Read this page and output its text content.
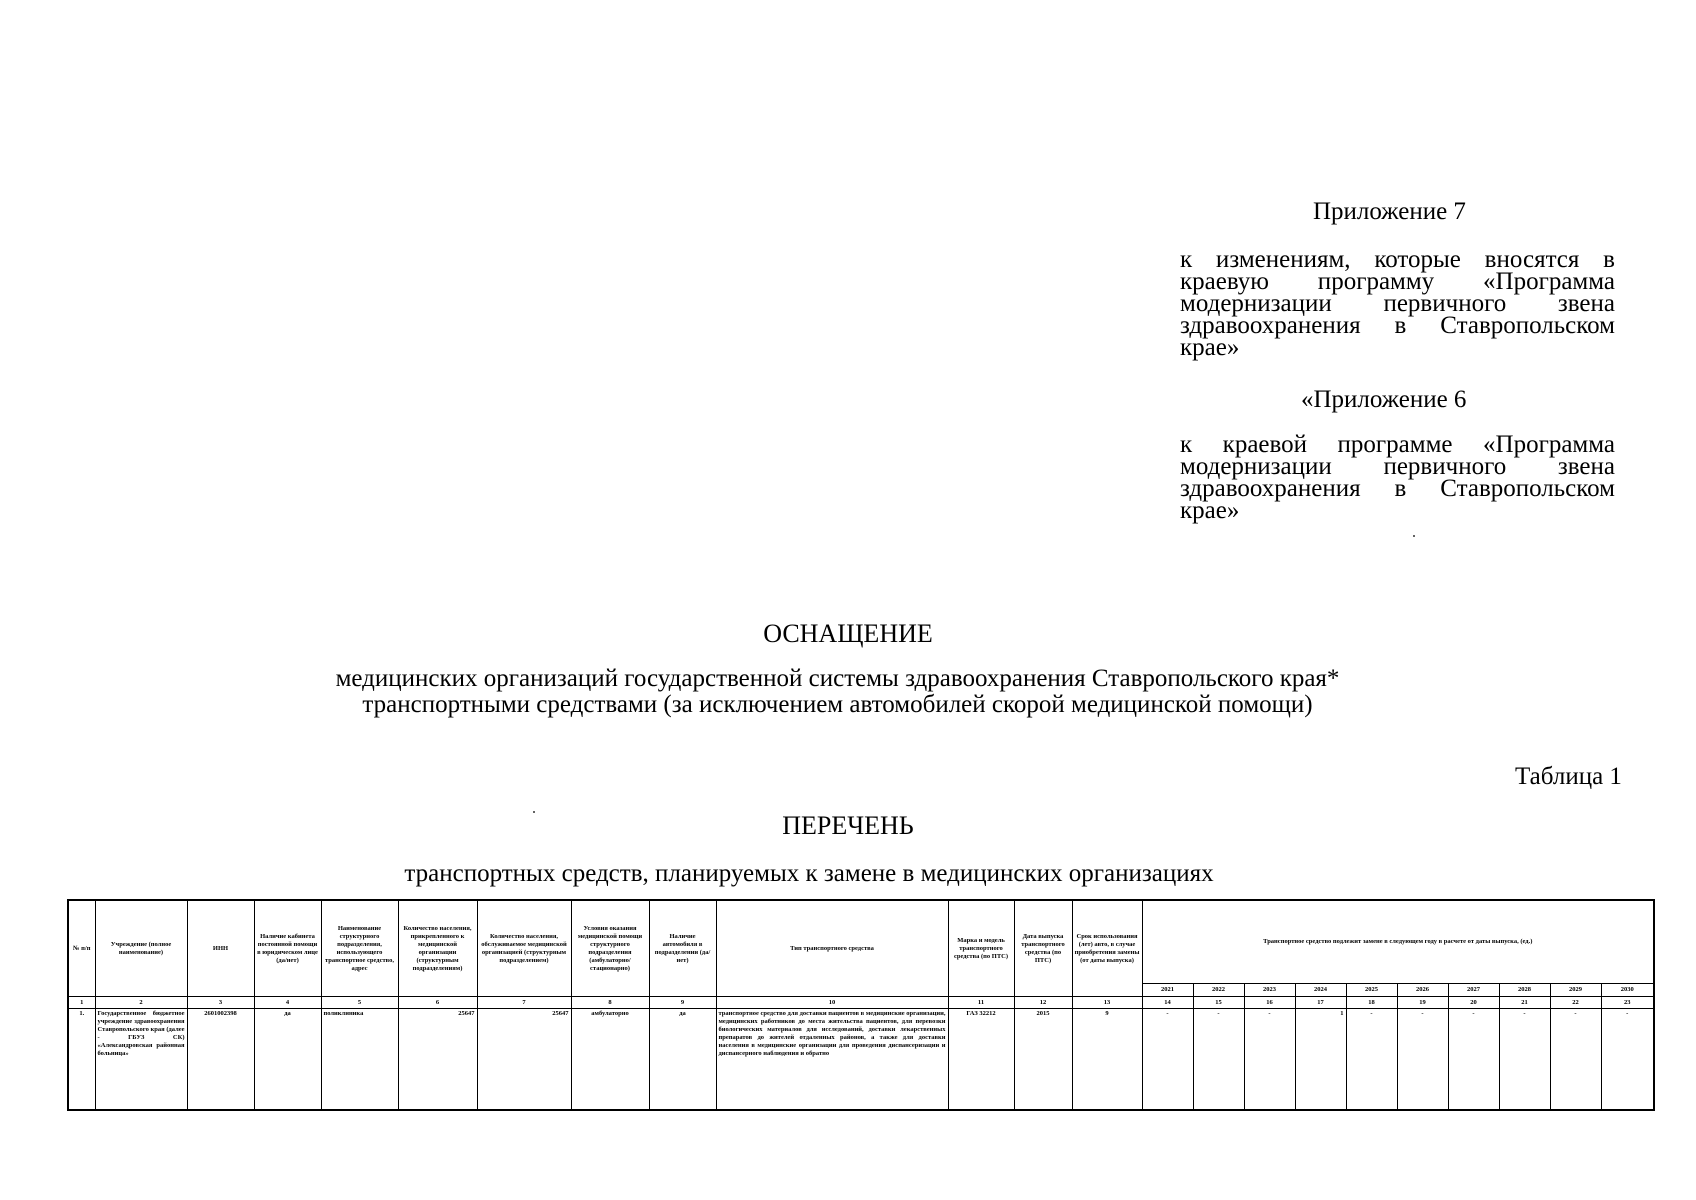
Приложение 7
к изменениям, которые вносятся в краевую программу «Программа модернизации первичного звена здравоохранения в Ставропольском крае»
«Приложение 6
к краевой программе «Программа модернизации первичного звена здравоохранения в Ставропольском крае»
ОСНАЩЕНИЕ
медицинских организаций государственной системы здравоохранения Ставропольского края*
транспортными средствами (за исключением автомобилей скорой медицинской помощи)
Таблица 1
ПЕРЕЧЕНЬ
транспортных средств, планируемых к замене в медицинских организациях
№ п/п	Учреждение (полное наименование)	ИНН	Наличие кабинета постоянной помощи в юридическом лице (да/нет)	Наименование структурного подразделения, использующего транспортное средство, адрес	Количество населения, прикрепленного к медицинской организации (структурным подразделениям)	Количество населения, обслуживаемое медицинской организацией (структурным подразделением)	Условия оказания медицинской помощи структурного подразделения (амбулаторно/стационарно)	Наличие автомобиля в подразделении (да/нет)	Тип транспортного средства	Марка и модель транспортного средства (по ПТС)	Дата выпуска транспортного средства (по ПТС)	Срок использования (лет) авто, в случае приобретения замены (от даты выпуска)	Транспортное средство подлежит замене в следующем году в расчете от даты выпуска, (ед.)									
													2021	2022	2023	2024	2025	2026	2027	2028	2029	2030
1	2	3	4	5	6	7	8	9	10	11	12	13	14	15	16	17	18	19	20	21	22	23
1.	Государственное бюджетное учреждение здравоохранения Ставропольского края (далее - ГБУЗ СК) «Александровская районная больница»	2601002398	да	поликлиника	25647	25647	амбулаторно	да	транспортное средство для доставки пациентов в медицинские организации, медицинских работников до места жительства пациентов, для перевозки биологических материалов для исследований, доставки лекарственных препаратов до жителей отдаленных районов, а также для доставки населения в медицинские организации для проведения диспансеризации и диспансерного наблюдения и обратно	ГАЗ 32212	2015	9	-	-	-	1	-	-	-	-	-	-
